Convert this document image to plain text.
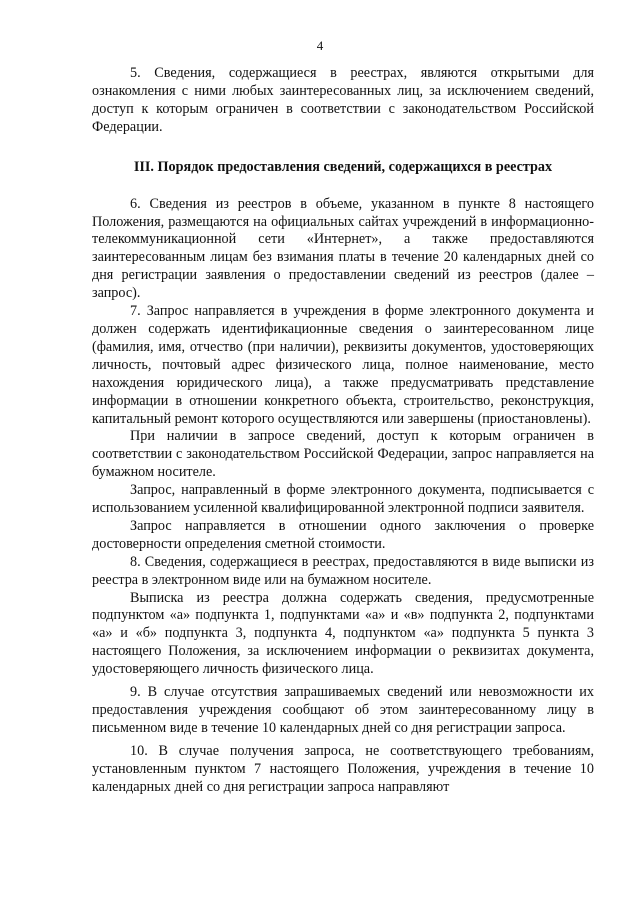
4

5. Сведения, содержащиеся в реестрах, являются открытыми для ознакомления с ними любых заинтересованных лиц, за исключением сведений, доступ к которым ограничен в соответствии с законодательством Российской Федерации.

III. Порядок предоставления сведений, содержащихся в реестрах

6. Сведения из реестров в объеме, указанном в пункте 8 настоящего Положения, размещаются на официальных сайтах учреждений в информационно-телекоммуникационной сети «Интернет», а также предоставляются заинтересованным лицам без взимания платы в течение 20 календарных дней со дня регистрации заявления о предоставлении сведений из реестров (далее – запрос).

7. Запрос направляется в учреждения в форме электронного документа и должен содержать идентификационные сведения о заинтересованном лице (фамилия, имя, отчество (при наличии), реквизиты документов, удостоверяющих личность, почтовый адрес физического лица, полное наименование, место нахождения юридического лица), а также предусматривать представление информации в отношении конкретного объекта, строительство, реконструкция, капитальный ремонт которого осуществляются или завершены (приостановлены).

При наличии в запросе сведений, доступ к которым ограничен в соответствии с законодательством Российской Федерации, запрос направляется на бумажном носителе.

Запрос, направленный в форме электронного документа, подписывается с использованием усиленной квалифицированной электронной подписи заявителя.

Запрос направляется в отношении одного заключения о проверке достоверности определения сметной стоимости.

8. Сведения, содержащиеся в реестрах, предоставляются в виде выписки из реестра в электронном виде или на бумажном носителе.

Выписка из реестра должна содержать сведения, предусмотренные подпунктом «а» подпункта 1, подпунктами «а» и «в» подпункта 2, подпунктами «а» и «б» подпункта 3, подпункта 4, подпунктом «а» подпункта 5 пункта 3 настоящего Положения, за исключением информации о реквизитах документа, удостоверяющего личность физического лица.

9. В случае отсутствия запрашиваемых сведений или невозможности их предоставления учреждения сообщают об этом заинтересованному лицу в письменном виде в течение 10 календарных дней со дня регистрации запроса.

10. В случае получения запроса, не соответствующего требованиям, установленным пунктом 7 настоящего Положения, учреждения в течение 10 календарных дней со дня регистрации запроса направляют
